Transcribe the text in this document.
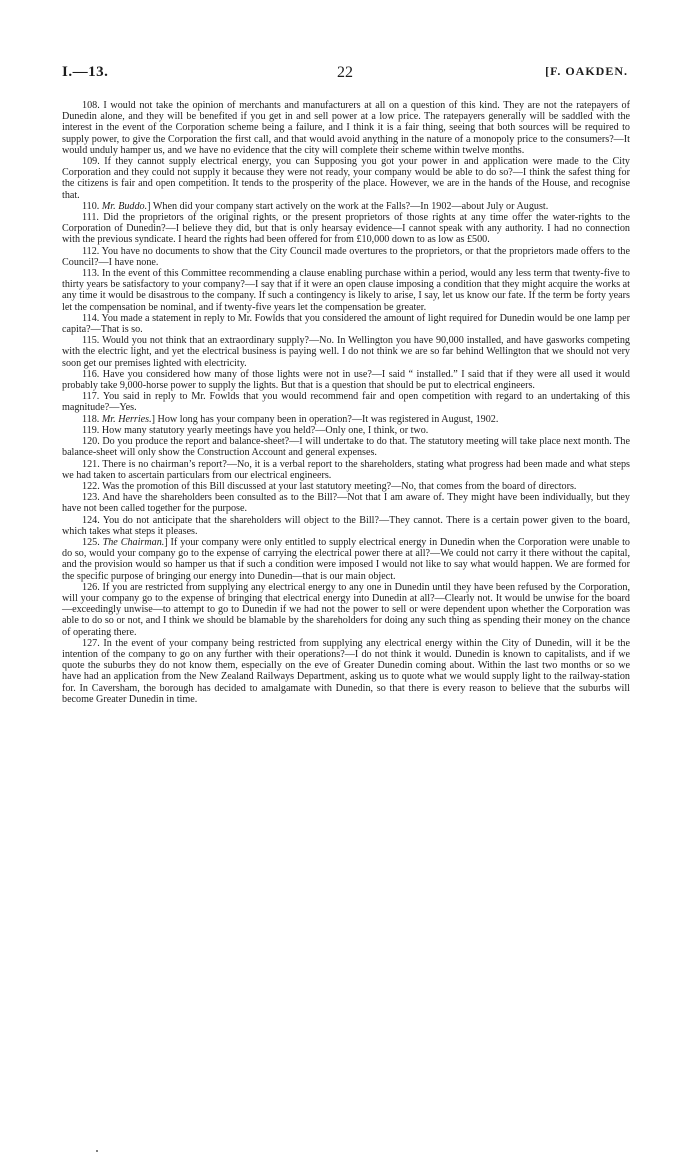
I.—13.	22	[F. OAKDEN.

108. I would not take the opinion of merchants and manufacturers at all on a question of this kind. They are not the ratepayers of Dunedin alone, and they will be benefited if you get in and sell power at a low price. The ratepayers generally will be saddled with the interest in the event of the Corporation scheme being a failure, and I think it is a fair thing, seeing that both sources will be required to supply power, to give the Corporation the first call, and that would avoid anything in the nature of a monopoly price to the consumers?—It would unduly hamper us, and we have no evidence that the city will complete their scheme within twelve months.

109. If they cannot supply electrical energy, you can Supposing you got your power in and application were made to the City Corporation and they could not supply it because they were not ready, your company would be able to do so?—I think the safest thing for the citizens is fair and open competition. It tends to the prosperity of the place. However, we are in the hands of the House, and recognise that.

110. Mr. Buddo.] When did your company start actively on the work at the Falls?—In 1902—about July or August.

111. Did the proprietors of the original rights, or the present proprietors of those rights at any time offer the water-rights to the Corporation of Dunedin?—I believe they did, but that is only hearsay evidence—I cannot speak with any authority. I had no connection with the previous syndicate. I heard the rights had been offered for from £10,000 down to as low as £500.

112. You have no documents to show that the City Council made overtures to the proprietors, or that the proprietors made offers to the Council?—I have none.

113. In the event of this Committee recommending a clause enabling purchase within a period, would any less term that twenty-five to thirty years be satisfactory to your company?—I say that if it were an open clause imposing a condition that they might acquire the works at any time it would be disastrous to the company. If such a contingency is likely to arise, I say, let us know our fate. If the term be forty years let the compensation be nominal, and if twenty-five years let the compensation be greater.

114. You made a statement in reply to Mr. Fowlds that you considered the amount of light required for Dunedin would be one lamp per capita?—That is so.

115. Would you not think that an extraordinary supply?—No. In Wellington you have 90,000 installed, and have gasworks competing with the electric light, and yet the electrical business is paying well. I do not think we are so far behind Wellington that we should not very soon get our premises lighted with electricity.

116. Have you considered how many of those lights were not in use?—I said “ installed.” I said that if they were all used it would probably take 9,000-horse power to supply the lights. But that is a question that should be put to electrical engineers.

117. You said in reply to Mr. Fowlds that you would recommend fair and open competition with regard to an undertaking of this magnitude?—Yes.

118. Mr. Herries.] How long has your company been in operation?—It was registered in August, 1902.

119. How many statutory yearly meetings have you held?—Only one, I think, or two.

120. Do you produce the report and balance-sheet?—I will undertake to do that. The statutory meeting will take place next month. The balance-sheet will only show the Construction Account and general expenses.

121. There is no chairman’s report?—No, it is a verbal report to the shareholders, stating what progress had been made and what steps we had taken to ascertain particulars from our electrical engineers.

122. Was the promotion of this Bill discussed at your last statutory meeting?—No, that comes from the board of directors.

123. And have the shareholders been consulted as to the Bill?—Not that I am aware of. They might have been individually, but they have not been called together for the purpose.

124. You do not anticipate that the shareholders will object to the Bill?—They cannot. There is a certain power given to the board, which takes what steps it pleases.

125. The Chairman.] If your company were only entitled to supply electrical energy in Dunedin when the Corporation were unable to do so, would your company go to the expense of carrying the electrical power there at all?—We could not carry it there without the capital, and the provision would so hamper us that if such a condition were imposed I would not like to say what would happen. We are formed for the specific purpose of bringing our energy into Dunedin—that is our main object.

126. If you are restricted from supplying any electrical energy to any one in Dunedin until they have been refused by the Corporation, will your company go to the expense of bringing that electrical energy into Dunedin at all?—Clearly not. It would be unwise for the board—exceedingly unwise—to attempt to go to Dunedin if we had not the power to sell or were dependent upon whether the Corporation was able to do so or not, and I think we should be blamable by the shareholders for doing any such thing as spending their money on the chance of operating there.

127. In the event of your company being restricted from supplying any electrical energy within the City of Dunedin, will it be the intention of the company to go on any further with their operations?—I do not think it would. Dunedin is known to capitalists, and if we quote the suburbs they do not know them, especially on the eve of Greater Dunedin coming about. Within the last two months or so we have had an application from the New Zealand Railways Department, asking us to quote what we would supply light to the railway-station for. In Caversham, the borough has decided to amalgamate with Dunedin, so that there is every reason to believe that the suburbs will become Greater Dunedin in time.
